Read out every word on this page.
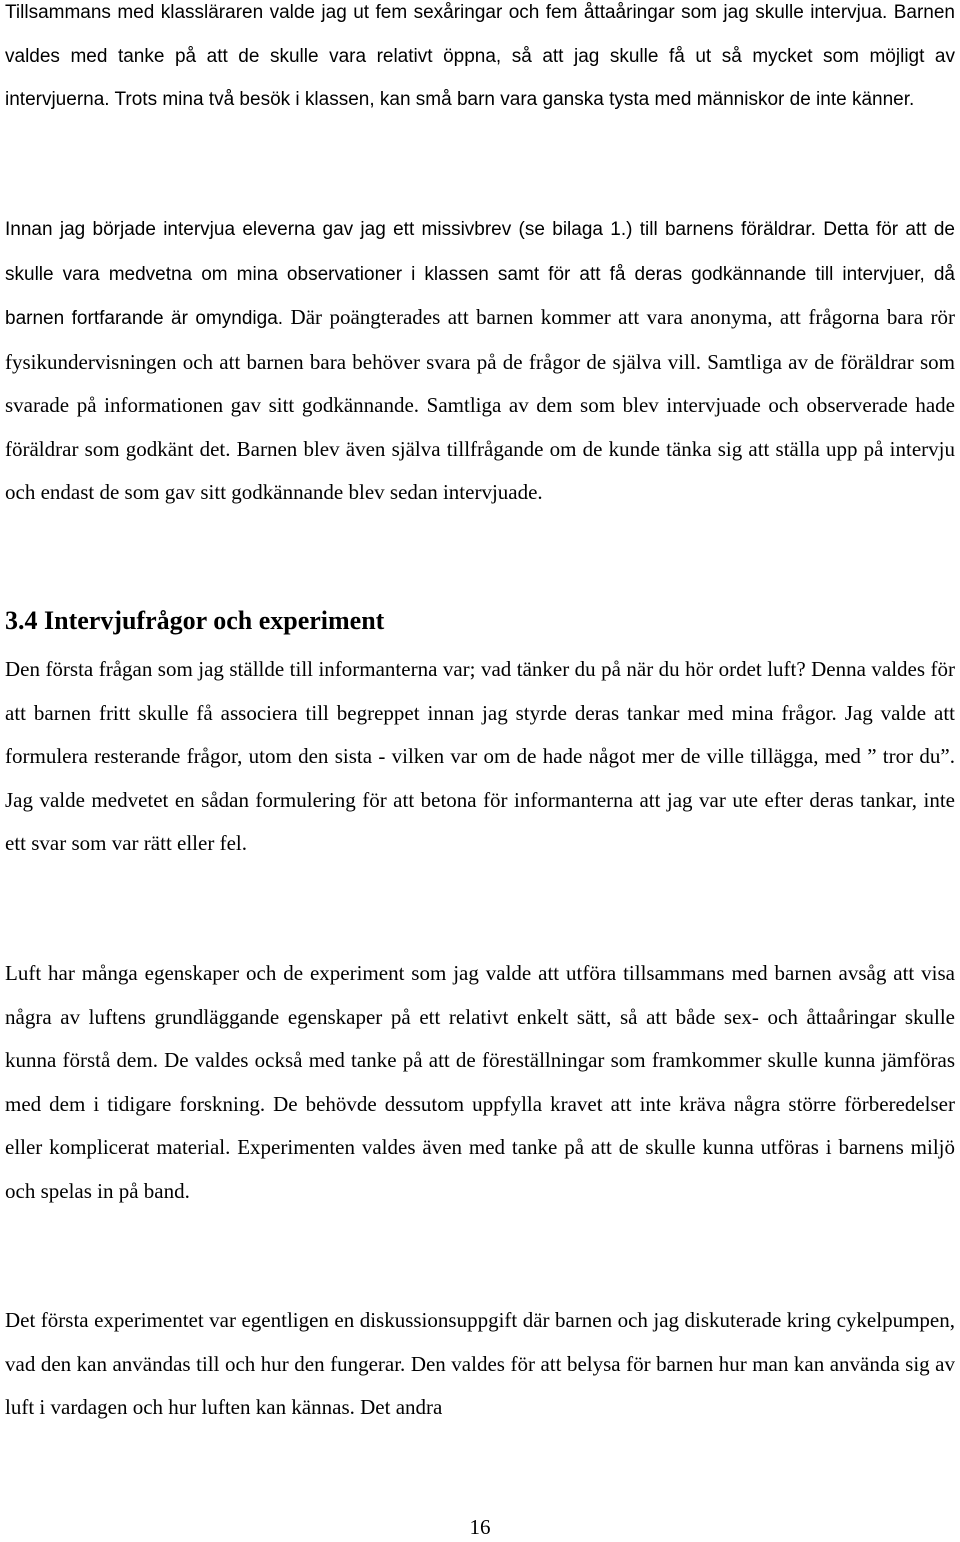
Tillsammans med klassläraren valde jag ut fem sexåringar och fem åttaåringar som jag skulle intervjua. Barnen valdes med tanke på att de skulle vara relativt öppna, så att jag skulle få ut så mycket som möjligt av intervjuerna. Trots mina två besök i klassen, kan små barn vara ganska tysta med människor de inte känner.

Innan jag började intervjua eleverna gav jag ett missivbrev (se bilaga 1.) till barnens föräldrar. Detta för att de skulle vara medvetna om mina observationer i klassen samt för att få deras godkännande till intervjuer, då barnen fortfarande är omyndiga. Där poängterades att barnen kommer att vara anonyma, att frågorna bara rör fysikundervisningen och att barnen bara behöver svara på de frågor de själva vill. Samtliga av de föräldrar som svarade på informationen gav sitt godkännande. Samtliga av dem som blev intervjuade och observerade hade föräldrar som godkänt det. Barnen blev även själva tillfrågande om de kunde tänka sig att ställa upp på intervju och endast de som gav sitt godkännande blev sedan intervjuade.

3.4 Intervjufrågor och experiment

Den första frågan som jag ställde till informanterna var; vad tänker du på när du hör ordet luft? Denna valdes för att barnen fritt skulle få associera till begreppet innan jag styrde deras tankar med mina frågor. Jag valde att formulera resterande frågor, utom den sista - vilken var om de hade något mer de ville tillägga, med ” tror du”. Jag valde medvetet en sådan formulering för att betona för informanterna att jag var ute efter deras tankar, inte ett svar som var rätt eller fel.

Luft har många egenskaper och de experiment som jag valde att utföra tillsammans med barnen avsåg att visa några av luftens grundläggande egenskaper på ett relativt enkelt sätt, så att både sex- och åttaåringar skulle kunna förstå dem. De valdes också med tanke på att de föreställningar som framkommer skulle kunna jämföras med dem i tidigare forskning. De behövde dessutom uppfylla kravet att inte kräva några större förberedelser eller komplicerat material. Experimenten valdes även med tanke på att de skulle kunna utföras i barnens miljö och spelas in på band.

Det första experimentet var egentligen en diskussionsuppgift där barnen och jag diskuterade kring cykelpumpen, vad den kan användas till och hur den fungerar. Den valdes för att belysa för barnen hur man kan använda sig av luft i vardagen och hur luften kan kännas. Det andra

16
